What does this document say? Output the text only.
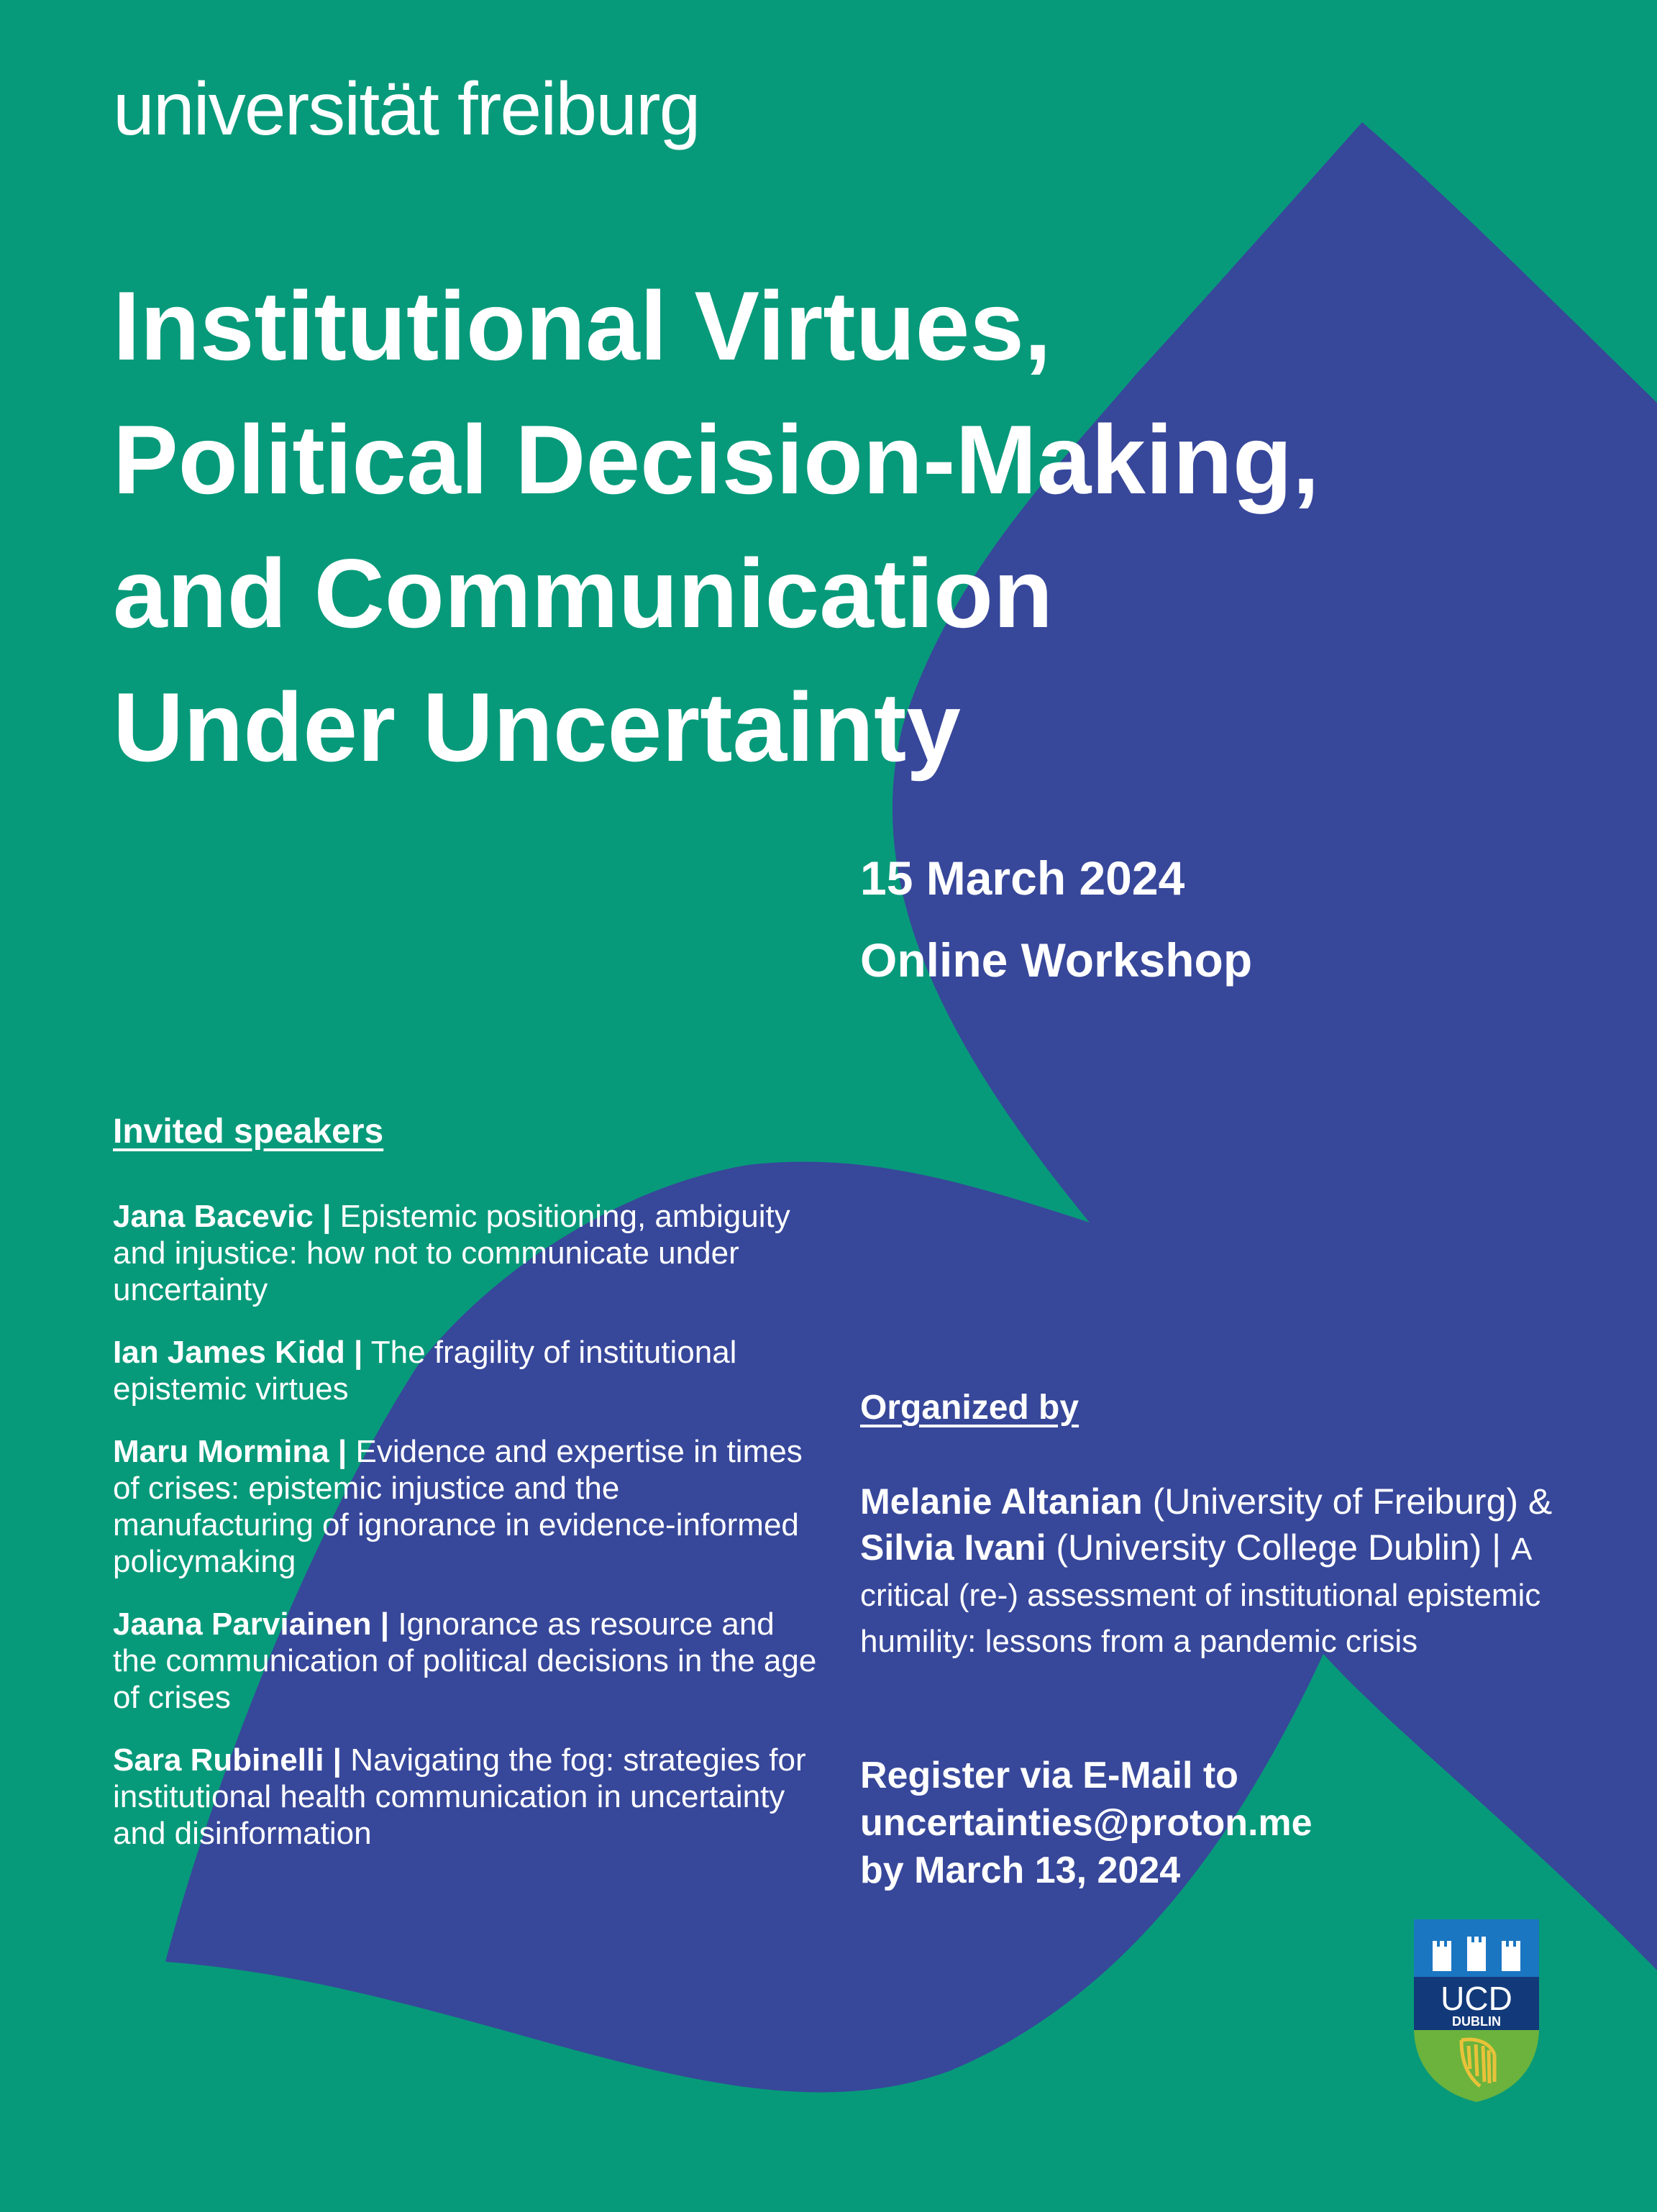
universität freiburg
Institutional Virtues,
Political Decision-Making,
and Communication
Under Uncertainty
15 March 2024
Online Workshop
Invited speakers
Jana Bacevic | Epistemic positioning, ambiguity and injustice: how not to communicate under uncertainty
Ian James Kidd | The fragility of institutional epistemic virtues
Maru Mormina | Evidence and expertise in times of crises: epistemic injustice and the manufacturing of ignorance in evidence-informed policymaking
Jaana Parviainen | Ignorance as resource and the communication of political decisions in the age of crises
Sara Rubinelli | Navigating the fog: strategies for institutional health communication in uncertainty and disinformation
Organized by
Melanie Altanian (University of Freiburg) & Silvia Ivani (University College Dublin) | A critical (re-) assessment of institutional epistemic humility: lessons from a pandemic crisis
Register via E-Mail to
uncertainties@proton.me
by March 13, 2024
UCD
DUBLIN
